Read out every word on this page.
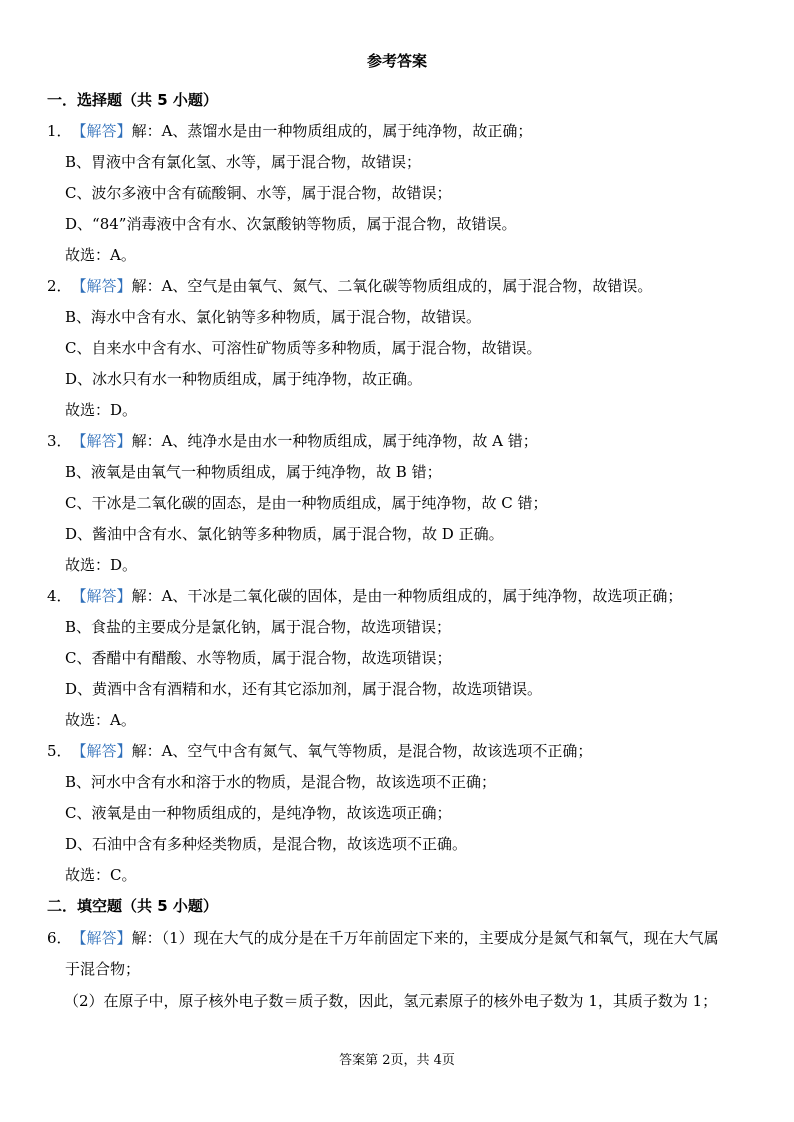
参考答案
一．选择题（共 5 小题）
1．【解答】解：A、蒸馏水是由一种物质组成的，属于纯净物，故正确；
B、胃液中含有氯化氢、水等，属于混合物，故错误；
C、波尔多液中含有硫酸铜、水等，属于混合物，故错误；
D、“84”消毒液中含有水、次氯酸钠等物质，属于混合物，故错误。
故选：A。
2．【解答】解：A、空气是由氧气、氮气、二氧化碳等物质组成的，属于混合物，故错误。
B、海水中含有水、氯化钠等多种物质，属于混合物，故错误。
C、自来水中含有水、可溶性矿物质等多种物质，属于混合物，故错误。
D、冰水只有水一种物质组成，属于纯净物，故正确。
故选：D。
3．【解答】解：A、纯净水是由水一种物质组成，属于纯净物，故 A 错；
B、液氧是由氧气一种物质组成，属于纯净物，故 B 错；
C、干冰是二氧化碳的固态，是由一种物质组成，属于纯净物，故 C 错；
D、酱油中含有水、氯化钠等多种物质，属于混合物，故 D 正确。
故选：D。
4．【解答】解：A、干冰是二氧化碳的固体，是由一种物质组成的，属于纯净物，故选项正确；
B、食盐的主要成分是氯化钠，属于混合物，故选项错误；
C、香醋中有醋酸、水等物质，属于混合物，故选项错误；
D、黄酒中含有酒精和水，还有其它添加剂，属于混合物，故选项错误。
故选：A。
5．【解答】解：A、空气中含有氮气、氧气等物质，是混合物，故该选项不正确；
B、河水中含有水和溶于水的物质，是混合物，故该选项不正确；
C、液氧是由一种物质组成的，是纯净物，故该选项正确；
D、石油中含有多种烃类物质，是混合物，故该选项不正确。
故选：C。
二．填空题（共 5 小题）
6．【解答】解：（1）现在大气的成分是在千万年前固定下来的，主要成分是氮气和氧气，现在大气属
于混合物；
（2）在原子中，原子核外电子数＝质子数，因此，氢元素原子的核外电子数为 1，其质子数为 1；
答案第 2页，共 4页
